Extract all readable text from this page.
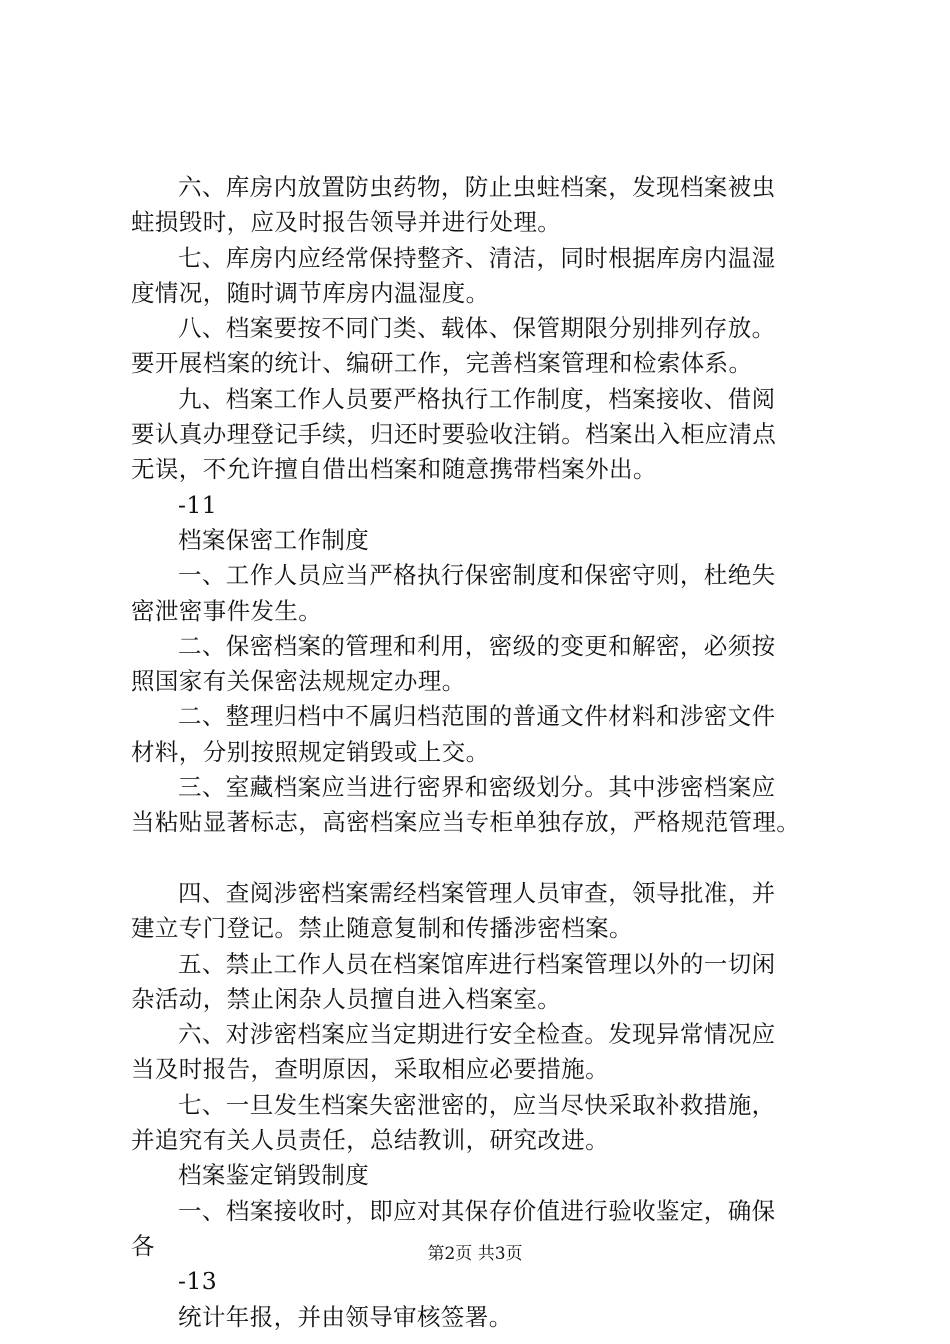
六、库房内放置防虫药物，防止虫蛀档案，发现档案被虫
蛀损毁时，应及时报告领导并进行处理。
七、库房内应经常保持整齐、清洁，同时根据库房内温湿
度情况，随时调节库房内温湿度。
八、档案要按不同门类、载体、保管期限分别排列存放。
要开展档案的统计、编研工作，完善档案管理和检索体系。
九、档案工作人员要严格执行工作制度，档案接收、借阅
要认真办理登记手续，归还时要验收注销。档案出入柜应清点
无误，不允许擅自借出档案和随意携带档案外出。
-11
档案保密工作制度
一、工作人员应当严格执行保密制度和保密守则，杜绝失
密泄密事件发生。
二、保密档案的管理和利用，密级的变更和解密，必须按
照国家有关保密法规规定办理。
二、整理归档中不属归档范围的普通文件材料和涉密文件
材料，分别按照规定销毁或上交。
三、室藏档案应当进行密界和密级划分。其中涉密档案应
当粘贴显著标志，高密档案应当专柜单独存放，严格规范管理。
四、查阅涉密档案需经档案管理人员审查，领导批准，并
建立专门登记。禁止随意复制和传播涉密档案。
五、禁止工作人员在档案馆库进行档案管理以外的一切闲
杂活动，禁止闲杂人员擅自进入档案室。
六、对涉密档案应当定期进行安全检查。发现异常情况应
当及时报告，查明原因，采取相应必要措施。
七、一旦发生档案失密泄密的，应当尽快采取补救措施，
并追究有关人员责任，总结教训，研究改进。
档案鉴定销毁制度
一、档案接收时，即应对其保存价值进行验收鉴定，确保
各
-13
统计年报，并由领导审核签署。
第2页 共3页
